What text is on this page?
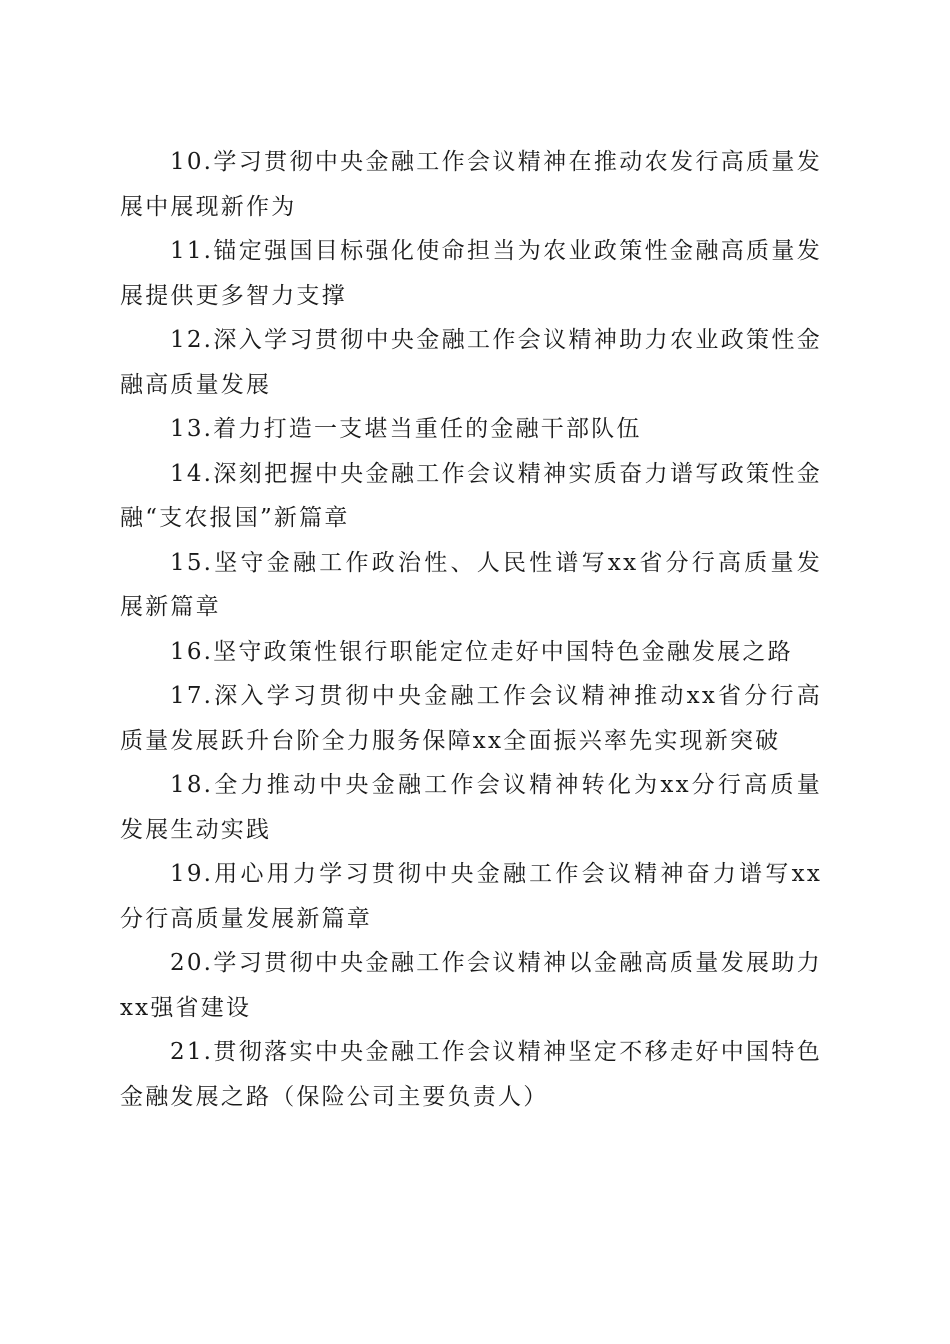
10.学习贯彻中央金融工作会议精神在推动农发行高质量发展中展现新作为

11.锚定强国目标强化使命担当为农业政策性金融高质量发展提供更多智力支撑

12.深入学习贯彻中央金融工作会议精神助力农业政策性金融高质量发展

13.着力打造一支堪当重任的金融干部队伍

14.深刻把握中央金融工作会议精神实质奋力谱写政策性金融“支农报国”新篇章

15.坚守金融工作政治性、人民性谱写xx省分行高质量发展新篇章

16.坚守政策性银行职能定位走好中国特色金融发展之路

17.深入学习贯彻中央金融工作会议精神推动xx省分行高质量发展跃升台阶全力服务保障xx全面振兴率先实现新突破

18.全力推动中央金融工作会议精神转化为xx分行高质量发展生动实践

19.用心用力学习贯彻中央金融工作会议精神奋力谱写xx分行高质量发展新篇章

20.学习贯彻中央金融工作会议精神以金融高质量发展助力xx强省建设

21.贯彻落实中央金融工作会议精神坚定不移走好中国特色金融发展之路（保险公司主要负责人）
